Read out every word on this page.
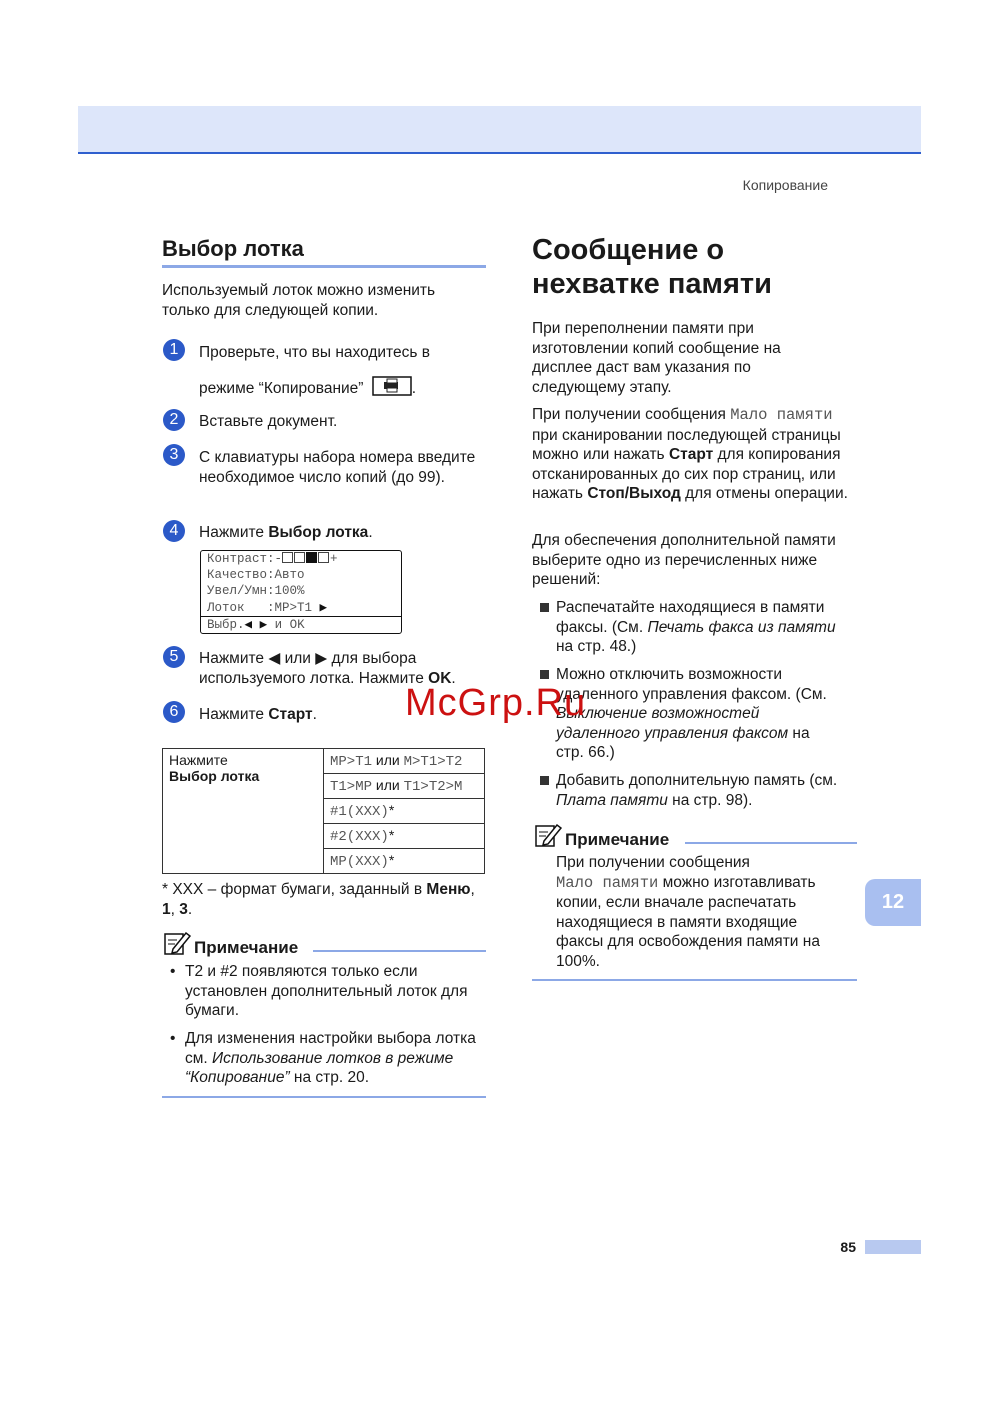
Копирование
Выбор лотка
Используемый лоток можно изменить только для следующей копии.
1	Проверьте, что вы находитесь в
режиме “Копирование”	.
2	Вставьте документ.
3	С клавиатуры набора номера введите необходимое число копий (до 99).
4	Нажмите Выбор лотка.
Контраст:-	+
Качество:Авто
Увел/Умн:100%
Лоток   :MP>T1 ▶
Выбр.◀ ▶ и OK
5	Нажмите ◀ или ▶ для выбора используемого лотка. Нажмите OK.
6	Нажмите Старт.
Нажмите
Выбор лотка
	MP>T1 или M>T1>T2
T1>MP или T1>T2>M
#1(XXX)*
#2(XXX)*
MP(XXX)*
* XXX – формат бумаги, заданный в Меню, 1, 3.
Примечание
• T2 и #2 появляются только если установлен дополнительный лоток для бумаги.
• Для изменения настройки выбора лотка см. Использование лотков в режиме “Копирование” на стр. 20.
Сообщение о
нехватке памяти
При переполнении памяти при изготовлении копий сообщение на дисплее даст вам указания по следующему этапу.
При получении сообщения Мало памяти при сканировании последующей страницы можно или нажать Старт для копирования отсканированных до сих пор страниц, или нажать Стоп/Выход для отмены операции.
Для обеспечения дополнительной памяти выберите одно из перечисленных ниже решений:
Распечатайте находящиеся в памяти факсы. (См. Печать факса из памяти на стр. 48.)
Можно отключить возможности удаленного управления факсом. (См. Выключение возможностей удаленного управления факсом на стр. 66.)
Добавить дополнительную память (см. Плата памяти на стр. 98).
Примечание
При получении сообщения
Мало памяти можно изготавливать копии, если вначале распечатать находящиеся в памяти входящие факсы для освобождения памяти на 100%.
12
85
McGrp.Ru
